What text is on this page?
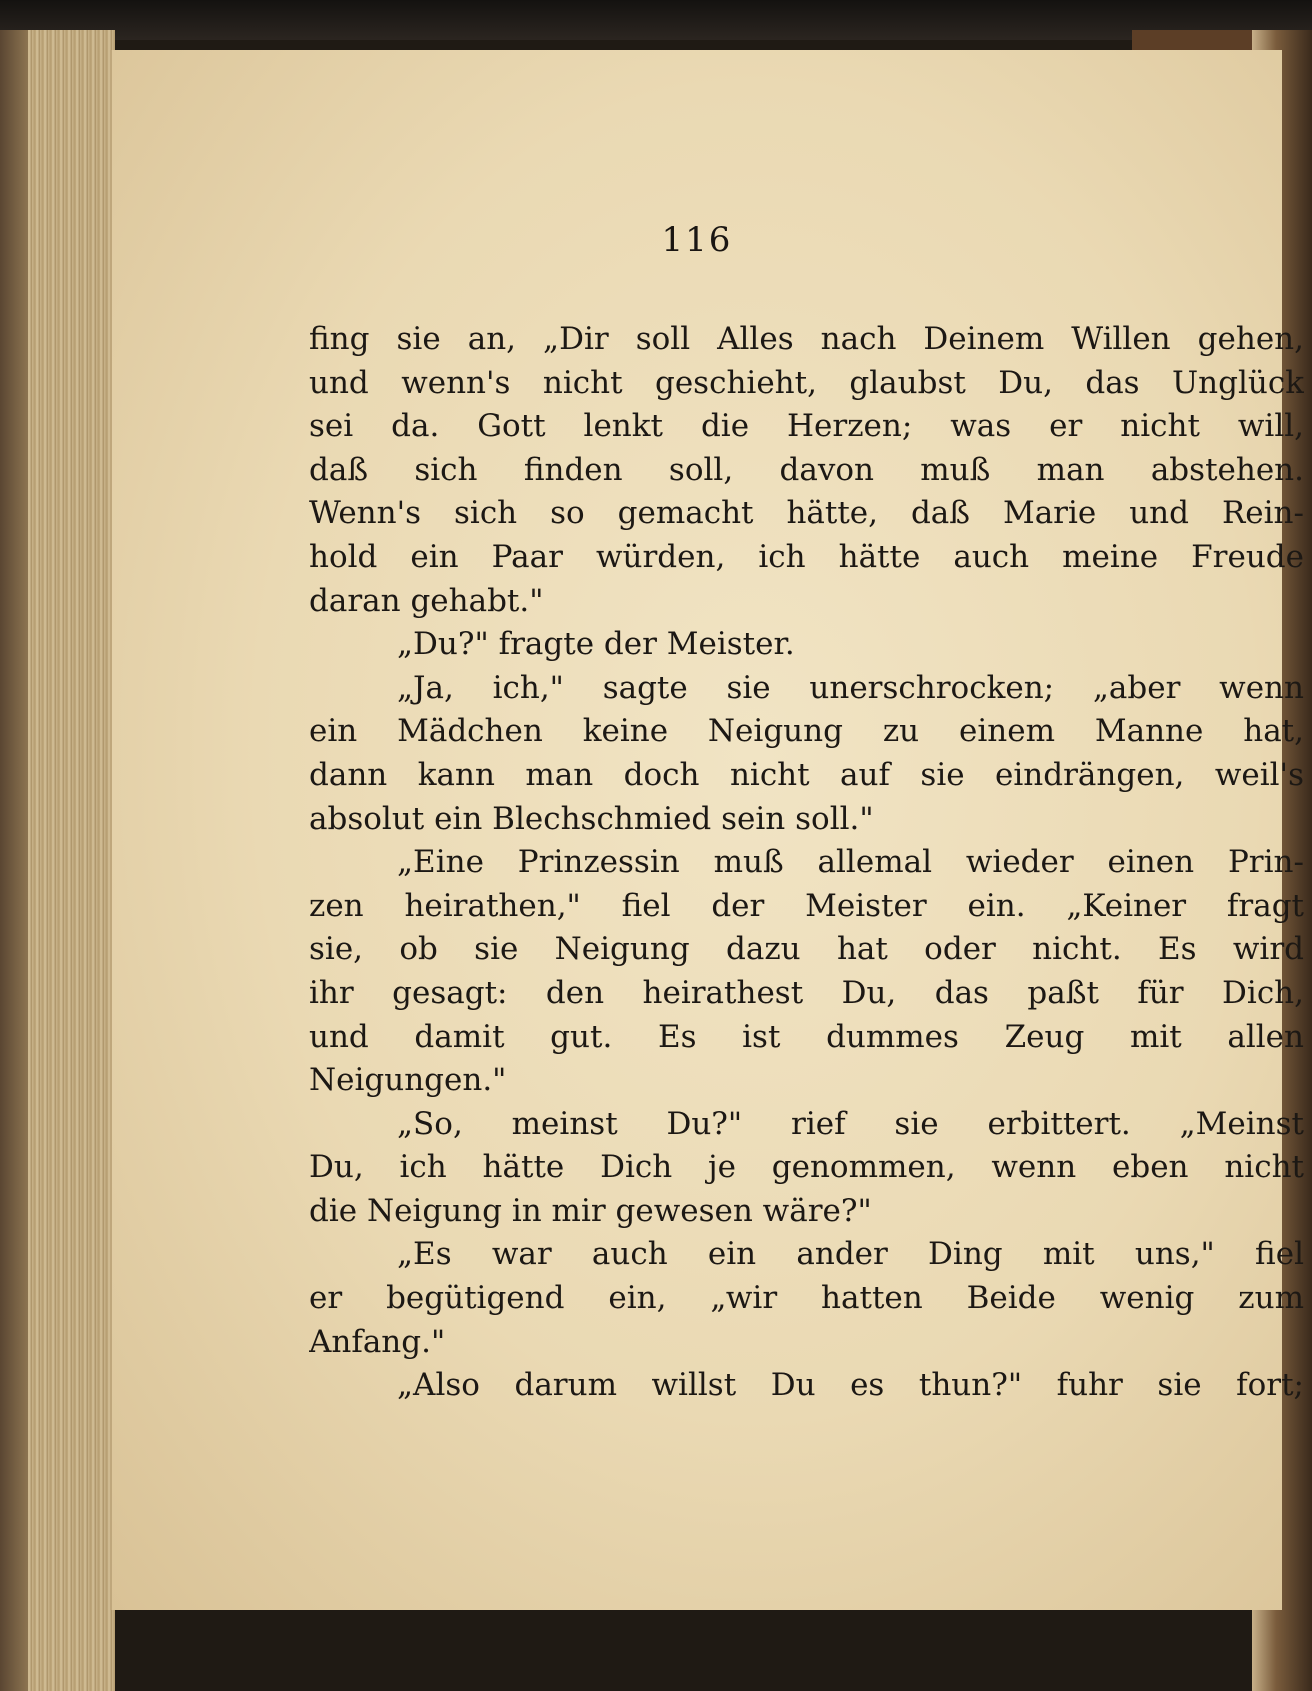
116
fing sie an, „Dir soll Alles nach Deinem Willen gehen,
und wenn's nicht geschieht, glaubst Du, das Unglück
sei da. Gott lenkt die Herzen; was er nicht will,
daß sich finden soll, davon muß man abstehen.
Wenn's sich so gemacht hätte, daß Marie und Rein-
hold ein Paar würden, ich hätte auch meine Freude
daran gehabt."
„Du?" fragte der Meister.
„Ja, ich," sagte sie unerschrocken; „aber wenn
ein Mädchen keine Neigung zu einem Manne hat,
dann kann man doch nicht auf sie eindrängen, weil's
absolut ein Blechschmied sein soll."
„Eine Prinzessin muß allemal wieder einen Prin-
zen heirathen," fiel der Meister ein. „Keiner fragt
sie, ob sie Neigung dazu hat oder nicht. Es wird
ihr gesagt: den heirathest Du, das paßt für Dich,
und damit gut. Es ist dummes Zeug mit allen
Neigungen."
„So, meinst Du?" rief sie erbittert. „Meinst
Du, ich hätte Dich je genommen, wenn eben nicht
die Neigung in mir gewesen wäre?"
„Es war auch ein ander Ding mit uns," fiel
er begütigend ein, „wir hatten Beide wenig zum
Anfang."
„Also darum willst Du es thun?" fuhr sie fort;
